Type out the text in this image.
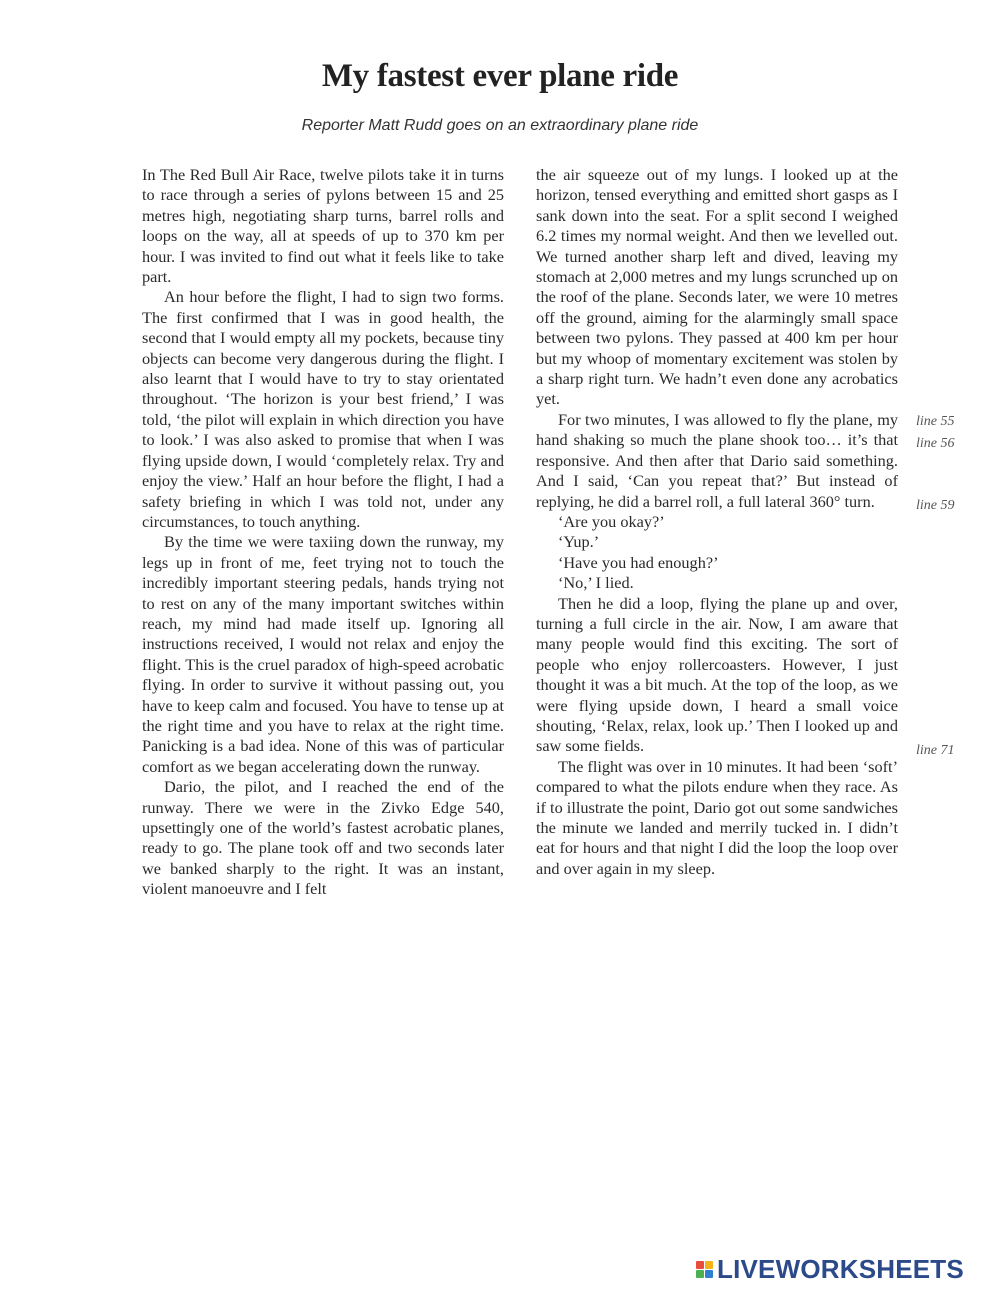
My fastest ever plane ride
Reporter Matt Rudd goes on an extraordinary plane ride

In The Red Bull Air Race, twelve pilots take it in turns to race through a series of pylons between 15 and 25 metres high, negotiating sharp turns, barrel rolls and loops on the way, all at speeds of up to 370 km per hour. I was invited to find out what it feels like to take part.

An hour before the flight, I had to sign two forms. The first confirmed that I was in good health, the second that I would empty all my pockets, because tiny objects can become very dangerous during the flight. I also learnt that I would have to try to stay orientated throughout. ‘The horizon is your best friend,’ I was told, ‘the pilot will explain in which direction you have to look.’ I was also asked to promise that when I was flying upside down, I would ‘completely relax. Try and enjoy the view.’ Half an hour before the flight, I had a safety briefing in which I was told not, under any circumstances, to touch anything.

By the time we were taxiing down the runway, my legs up in front of me, feet trying not to touch the incredibly important steering pedals, hands trying not to rest on any of the many important switches within reach, my mind had made itself up. Ignoring all instructions received, I would not relax and enjoy the flight. This is the cruel paradox of high-speed acrobatic flying. In order to survive it without passing out, you have to keep calm and focused. You have to tense up at the right time and you have to relax at the right time. Panicking is a bad idea. None of this was of particular comfort as we began accelerating down the runway.

Dario, the pilot, and I reached the end of the runway. There we were in the Zivko Edge 540, upsettingly one of the world’s fastest acrobatic planes, ready to go. The plane took off and two seconds later we banked sharply to the right. It was an instant, violent manoeuvre and I felt

the air squeeze out of my lungs. I looked up at the horizon, tensed everything and emitted short gasps as I sank down into the seat. For a split second I weighed 6.2 times my normal weight. And then we levelled out. We turned another sharp left and dived, leaving my stomach at 2,000 metres and my lungs scrunched up on the roof of the plane. Seconds later, we were 10 metres off the ground, aiming for the alarmingly small space between two pylons. They passed at 400 km per hour but my whoop of momentary excitement was stolen by a sharp right turn. We hadn’t even done any acrobatics yet.

For two minutes, I was allowed to fly the plane, my hand shaking so much the plane shook too… it’s that responsive. And then after that Dario said something. And I said, ‘Can you repeat that?’ But instead of replying, he did a barrel roll, a full lateral 360° turn.

‘Are you okay?’

‘Yup.’

‘Have you had enough?’

‘No,’ I lied.

Then he did a loop, flying the plane up and over, turning a full circle in the air. Now, I am aware that many people would find this exciting. The sort of people who enjoy rollercoasters. However, I just thought it was a bit much. At the top of the loop, as we were flying upside down, I heard a small voice shouting, ‘Relax, relax, look up.’ Then I looked up and saw some fields.

The flight was over in 10 minutes. It had been ‘soft’ compared to what the pilots endure when they race. As if to illustrate the point, Dario got out some sandwiches the minute we landed and merrily tucked in. I didn’t eat for hours and that night I did the loop the loop over and over again in my sleep.

line 55
line 56
line 59
line 71
LIVEWORKSHEETS
